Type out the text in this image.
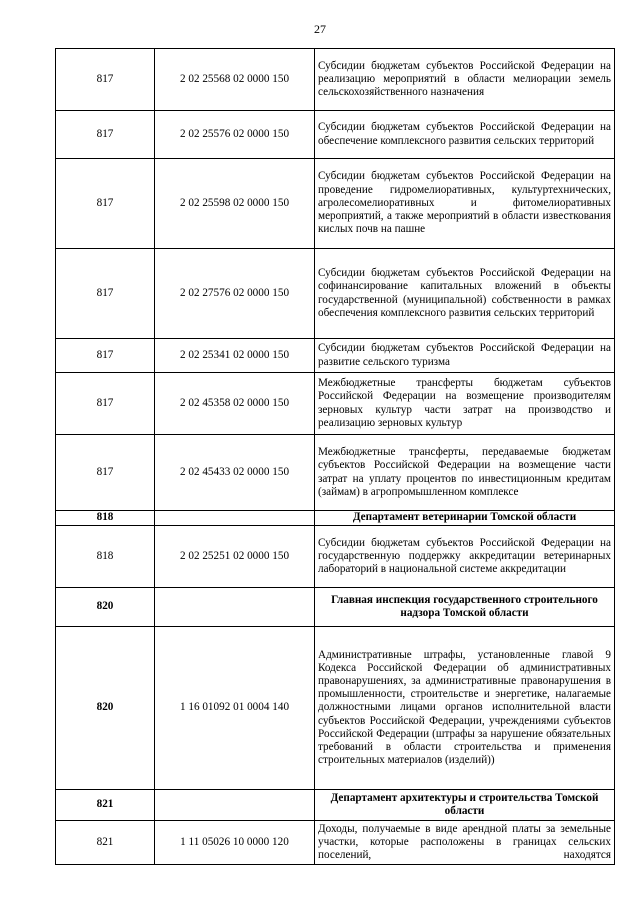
27
817	2 02 25568 02 0000 150	Субсидии бюджетам субъектов Российской Федерации на реализацию мероприятий в области мелиорации земель сельскохозяйственного назначения
817	2 02 25576 02 0000 150	Субсидии бюджетам субъектов Российской Федерации на обеспечение комплексного развития сельских территорий
817	2 02 25598 02 0000 150	Субсидии бюджетам субъектов Российской Федерации на проведение гидромелиоративных, культуртехнических, агролесомелиоративных и фитомелиоративных мероприятий, а также мероприятий в области известкования кислых почв на пашне
817	2 02 27576 02 0000 150	Субсидии бюджетам субъектов Российской Федерации на софинансирование капитальных вложений в объекты государственной (муниципальной) собственности в рамках обеспечения комплексного развития сельских территорий
817	2 02 25341 02 0000 150	Субсидии бюджетам субъектов Российской Федерации на развитие сельского туризма
817	2 02 45358 02 0000 150	Межбюджетные трансферты бюджетам субъектов Российской Федерации на возмещение производителям зерновых культур части затрат на производство и реализацию зерновых культур
817	2 02 45433 02 0000 150	Межбюджетные трансферты, передаваемые бюджетам субъектов Российской Федерации на возмещение части затрат на уплату процентов по инвестиционным кредитам (займам) в агропромышленном комплексе
818		Департамент ветеринарии Томской области
818	2 02 25251 02 0000 150	Субсидии бюджетам субъектов Российской Федерации на государственную поддержку аккредитации ветеринарных лабораторий в национальной системе аккредитации
820		Главная инспекция государственного строительного надзора Томской области
820	1 16 01092 01 0004 140	Административные штрафы, установленные главой 9 Кодекса Российской Федерации об административных правонарушениях, за административные правонарушения в промышленности, строительстве и энергетике, налагаемые должностными лицами органов исполнительной власти субъектов Российской Федерации, учреждениями субъектов Российской Федерации (штрафы за нарушение обязательных требований в области строительства и применения строительных материалов (изделий))
821		Департамент архитектуры и строительства Томской области
821	1 11 05026 10 0000 120	Доходы, получаемые в виде арендной платы за земельные участки, которые расположены в границах сельских поселений, находятся
